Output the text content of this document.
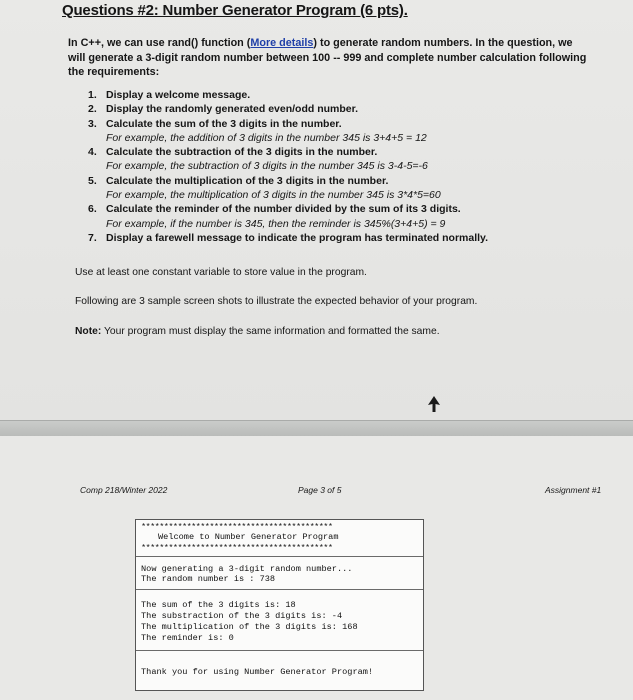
Questions #2: Number Generator Program (6 pts).
In C++, we can use rand() function (More details) to generate random numbers. In the question, we will generate a 3-digit random number between 100 -- 999 and complete number calculation following the requirements:
1. Display a welcome message.
2. Display the randomly generated even/odd number.
3. Calculate the sum of the 3 digits in the number.
For example, the addition of 3 digits in the number 345 is 3+4+5 = 12
4. Calculate the subtraction of the 3 digits in the number.
For example, the subtraction of 3 digits in the number 345 is 3-4-5=-6
5. Calculate the multiplication of the 3 digits in the number.
For example, the multiplication of 3 digits in the number 345 is 3*4*5=60
6. Calculate the reminder of the number divided by the sum of its 3 digits.
For example, if the number is 345, then the reminder is 345%(3+4+5) = 9
7. Display a farewell message to indicate the program has terminated normally.
Use at least one constant variable to store value in the program.
Following are 3 sample screen shots to illustrate the expected behavior of your program.
Note: Your program must display the same information and formatted the same.
Comp 218/Winter 2022	Page 3 of 5	Assignment #1
******************************************
Welcome to Number Generator Program
******************************************
Now generating a 3-digit random number...
The random number is : 738
The sum of the 3 digits is: 18
The substraction of the 3 digits is: -4
The multiplication of the 3 digits is: 168
The reminder is: 0
Thank you for using Number Generator Program!
